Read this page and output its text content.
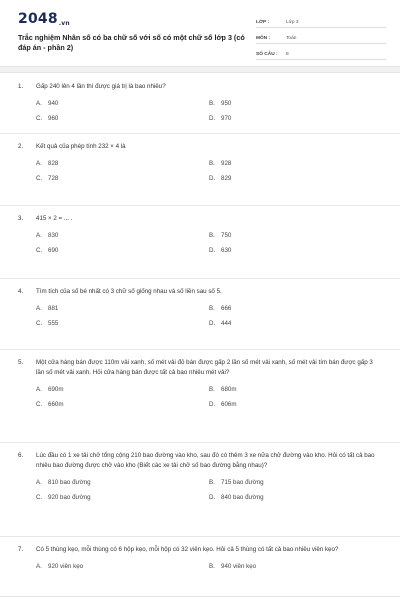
2048.vn
Trắc nghiệm Nhân số có ba chữ số với số có một chữ số lớp 3 (có đáp án - phần 2)
LỚP :	Lớp 3
MÔN :	Toán
SỐ CÂU :	8
1.	Gấp 240 lên 4 lần thì được giá trị là bao nhiêu?
A. 940	B. 950
C. 960	D. 970
2.	Kết quả của phép tính 232 × 4 là
A. 828	B. 928
C. 728	D. 829
3.	415 × 2 = ... .
A. 830	B. 750
C. 690	D. 630
4.	Tìm tích của số bé nhất có 3 chữ số giống nhau và số liền sau số 5.
A. 881	B. 666
C. 555	D. 444
5.	Một cửa hàng bán được 110m vải xanh, số mét vải đỏ bán được gấp 2 lần số mét vải xanh, số mét vải tím bán được gấp 3 lần số mét vải xanh. Hỏi cửa hàng bán được tất cả bao nhiêu mét vải?
A. 690m	B. 680m
C. 660m	D. 606m
6.	Lúc đầu có 1 xe tải chở tổng cộng 210 bao đường vào kho, sau đó có thêm 3 xe nữa chở đường vào kho. Hỏi có tất cả bao nhiêu bao đường được chở vào kho (Biết các xe tải chở số bao đường bằng nhau)?
A. 810 bao đường	B. 715 bao đường
C. 920 bao đường	D. 840 bao đường
7.	Có 5 thùng kẹo, mỗi thùng có 6 hộp kẹo, mỗi hộp có 32 viên kẹo. Hỏi cả 5 thùng có tất cả bao nhiêu viên kẹo?
A. 920 viên kẹo	B. 940 viên kẹo
